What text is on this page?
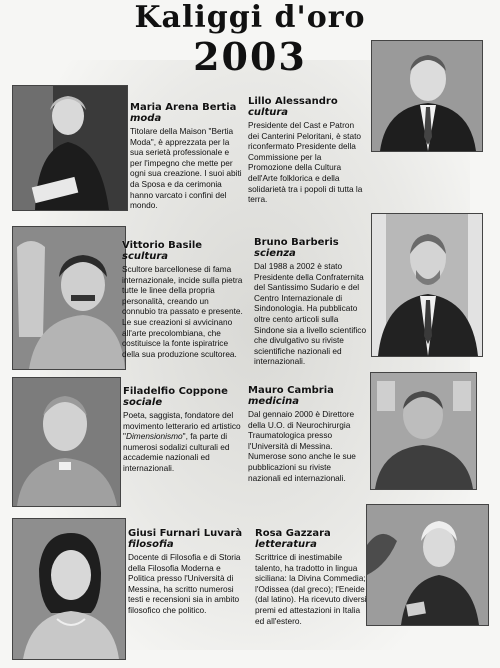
Kaliggi d'oro
2003
Maria Arena Bertia
moda
Titolare della Maison "Bertia Moda", è apprezzata per la sua serietà professionale e per l'impegno che mette per ogni sua creazione. I suoi abiti da Sposa e da cerimonia hanno varcato i confini del mondo.
Lillo Alessandro
cultura
Presidente del Cast e Patron dei Canterini Peloritani, è stato riconfermato Presidente della Commissione per la Promozione della Cultura dell'Arte folklorica e della solidarietà tra i popoli di tutta la terra.
Vittorio Basile
scultura
Scultore barcellonese di fama internazionale, incide sulla pietra tutte le linee della propria personalità, creando un connubio tra passato e presente. Le sue creazioni si avvicinano all'arte precolombiana, che costituisce la fonte ispiratrice della sua produzione scultorea.
Bruno Barberis
scienza
Dal 1988 a 2002 è stato Presidente della Confraternita del Santissimo Sudario e del Centro Internazionale di Sindonologia. Ha pubblicato oltre cento articoli sulla Sindone sia a livello scientifico che divulgativo su riviste scientifiche nazionali ed internazionali.
Filadelfio Coppone
sociale
Poeta, saggista, fondatore del movimento letterario ed artistico "Dimensionismo", fa parte di numerosi sodalizi culturali ed accademie nazionali ed internazionali.
Mauro Cambria
medicina
Dal gennaio 2000 è Direttore della U.O. di Neurochirurgia Traumatologica presso l'Università di Messina. Numerose sono anche le sue pubblicazioni su riviste nazionali ed internazionali.
Giusi Furnari Luvarà
filosofia
Docente di Filosofia e di Storia della Filosofia Moderna e Politica presso l'Università di Messina, ha scritto numerosi testi e recensioni sia in ambito filosofico che politico.
Rosa Gazzara
letteratura
Scrittrice di inestimabile talento, ha tradotto in lingua siciliana: la Divina Commedia; l'Odissea (dal greco); l'Eneide (dal latino). Ha ricevuto diversi premi ed attestazioni in Italia ed all'estero.
